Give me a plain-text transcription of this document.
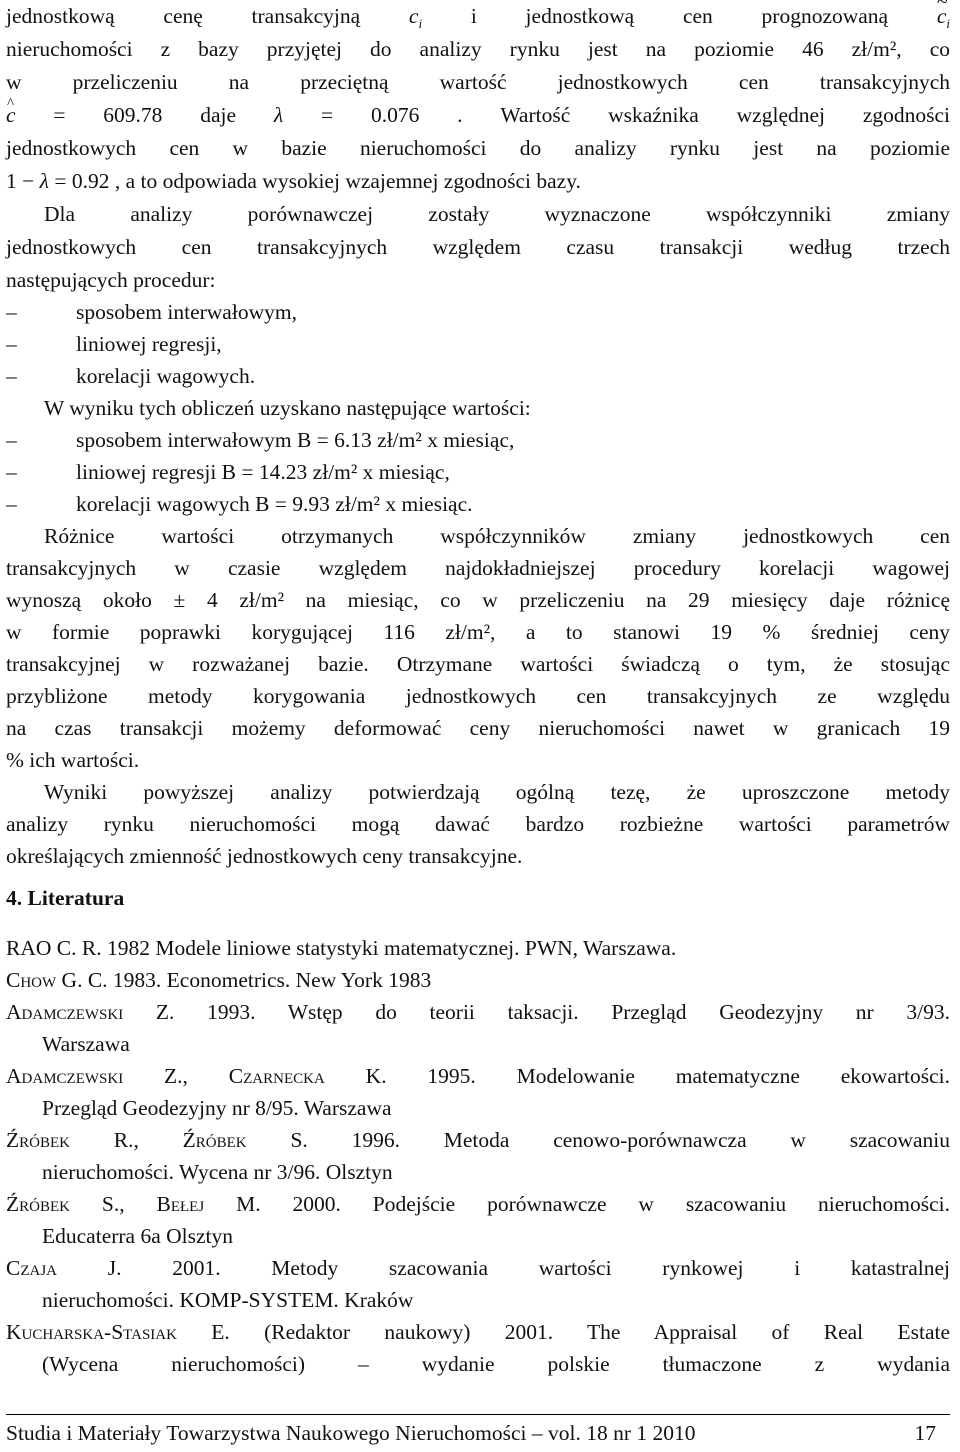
jednostkową cenę transakcyjną $c_i$ i jednostkową cen prognozowaną ~ $c_i$
nieruchomości z bazy przyjętej do analizy rynku jest na poziomie 46 zł/m², co
w przeliczeniu na przeciętną wartość jednostkowych cen transakcyjnych
^ c = 609.78 daje λ = 0.076 . Wartość wskaźnika względnej zgodności
jednostkowych cen w bazie nieruchomości do analizy rynku jest na poziomie
1 − λ = 0.92 , a to odpowiada wysokiej wzajemnej zgodności bazy.
Dla analizy porównawczej zostały wyznaczone współczynniki zmiany
jednostkowych cen transakcyjnych względem czasu transakcji według trzech
następujących procedur:
–	sposobem interwałowym,
–	liniowej regresji,
–	korelacji wagowych.
W wyniku tych obliczeń uzyskano następujące wartości:
–	sposobem interwałowym B = 6.13 zł/m² x miesiąc,
–	liniowej regresji B = 14.23 zł/m² x miesiąc,
–	korelacji wagowych B = 9.93 zł/m² x miesiąc.
Różnice wartości otrzymanych współczynników zmiany jednostkowych cen
transakcyjnych w czasie względem najdokładniejszej procedury korelacji wagowej
wynoszą około ± 4 zł/m² na miesiąc, co w przeliczeniu na 29 miesięcy daje różnicę
w formie poprawki korygującej 116 zł/m², a to stanowi 19 % średniej ceny
transakcyjnej w rozważanej bazie. Otrzymane wartości świadczą o tym, że stosując
przybliżone metody korygowania jednostkowych cen transakcyjnych ze względu
na czas transakcji możemy deformować ceny nieruchomości nawet w granicach 19
% ich wartości.
Wyniki powyższej analizy potwierdzają ogólną tezę, że uproszczone metody
analizy rynku nieruchomości mogą dawać bardzo rozbieżne wartości parametrów
określających zmienność jednostkowych ceny transakcyjne.
4. Literatura
RAO C. R. 1982 Modele liniowe statystyki matematycznej. PWN, Warszawa.
Chow G. C. 1983. Econometrics. New York 1983
Adamczewski Z. 1993. Wstęp do teorii taksacji. Przegląd Geodezyjny nr 3/93.
Warszawa
Adamczewski Z., Czarnecka K. 1995. Modelowanie matematyczne ekowartości.
Przegląd Geodezyjny nr 8/95. Warszawa
Źróbek R., Źróbek S. 1996. Metoda cenowo-porównawcza w szacowaniu
nieruchomości. Wycena nr 3/96. Olsztyn
Źróbek S., Bełej M. 2000. Podejście porównawcze w szacowaniu nieruchomości.
Educaterra 6a Olsztyn
Czaja J. 2001. Metody szacowania wartości rynkowej i katastralnej
nieruchomości. KOMP-SYSTEM. Kraków
Kucharska-Stasiak E. (Redaktor naukowy) 2001. The Appraisal of Real Estate
(Wycena nieruchomości) – wydanie polskie tłumaczone z wydania
Studia i Materiały Towarzystwa Naukowego Nieruchomości – vol. 18 nr 1 2010	17
